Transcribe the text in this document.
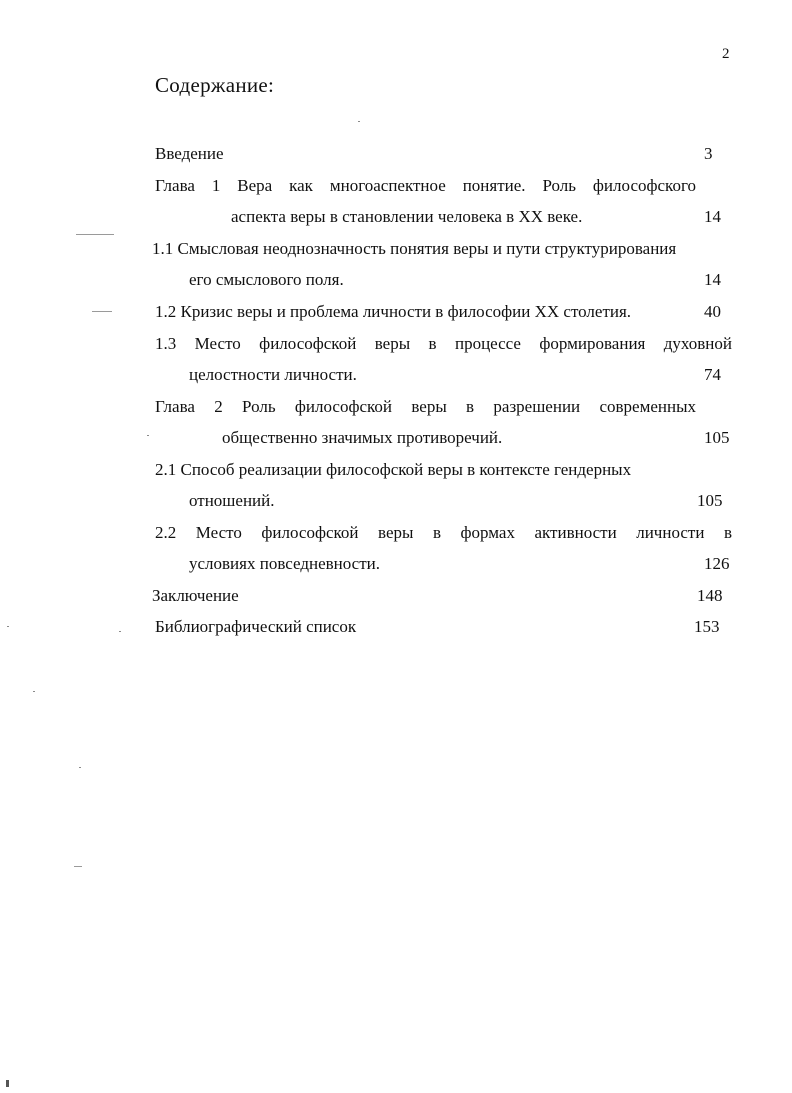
2
Содержание:
Введение	3
Глава 1 Вера как многоаспектное понятие. Роль философского
аспекта веры в становлении человека в XX веке.	14
1.1 Смысловая неоднозначность понятия веры и пути структурирования
его смыслового поля.	14
1.2 Кризис веры и проблема личности в философии XX столетия.	40
1.3 Место философской веры в процессе формирования духовной
целостности личности.	74
Глава 2 Роль философской веры в разрешении современных
общественно значимых противоречий.	105
2.1 Способ реализации философской веры в контексте гендерных
отношений.	105
2.2 Место философской веры в формах активности личности в
условиях повседневности.	126
Заключение	148
Библиографический список	153
